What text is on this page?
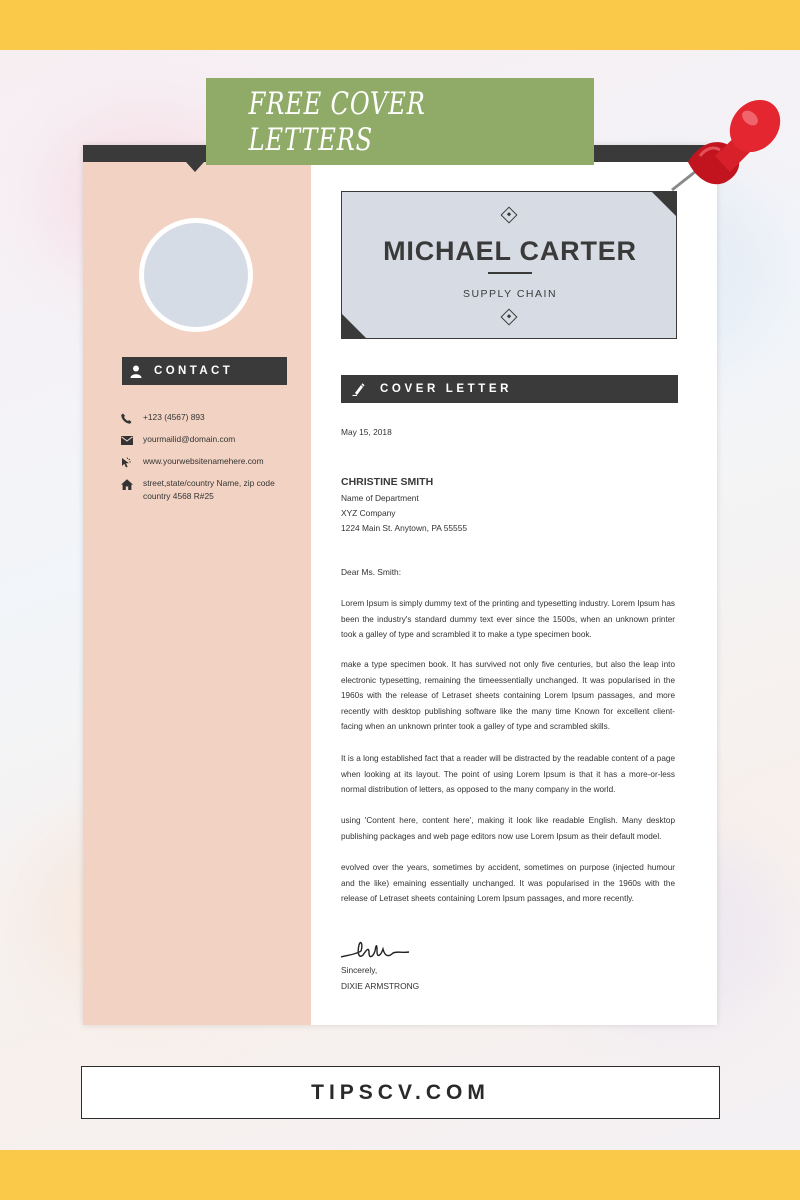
CONTACT
+123 (4567) 893
yourmailid@domain.com
www.yourwebsitenamehere.com
street,state/country Name, zip code
country 4568 R#25
MICHAEL CARTER
SUPPLY CHAIN
COVER LETTER
May 15, 2018
CHRISTINE SMITH
Name of Department
XYZ Company
1224 Main St. Anytown, PA 55555
Dear Ms. Smith:
Lorem Ipsum is simply dummy text of the printing and typesetting industry. Lorem Ipsum has been the industry's standard dummy text ever since the 1500s, when an unknown printer took a galley of type and scrambled it to make a type specimen book.
make a type specimen book. It has survived not only five centuries, but also the leap into electronic typesetting, remaining the timeessentially unchanged. It was popularised in the 1960s with the release of Letraset sheets containing Lorem Ipsum passages, and more recently with desktop publishing software like the many time Known for excellent client-facing when an unknown printer took a galley of type and scrambled skills.
It is a long established fact that a reader will be distracted by the readable content of a page when looking at its layout. The point of using Lorem Ipsum is that it has a more-or-less normal distribution of letters, as opposed to the many company in the world.
using 'Content here, content here', making it look like readable English. Many desktop publishing packages and web page editors now use Lorem Ipsum as their default model.
evolved over the years, sometimes by accident, sometimes on purpose (injected humour and the like) emaining essentially unchanged. It was popularised in the 1960s with the release of Letraset sheets containing Lorem Ipsum passages, and more recently.
Sincerely,
DIXIE ARMSTRONG
FREE COVER LETTERS
TIPSCV.COM
